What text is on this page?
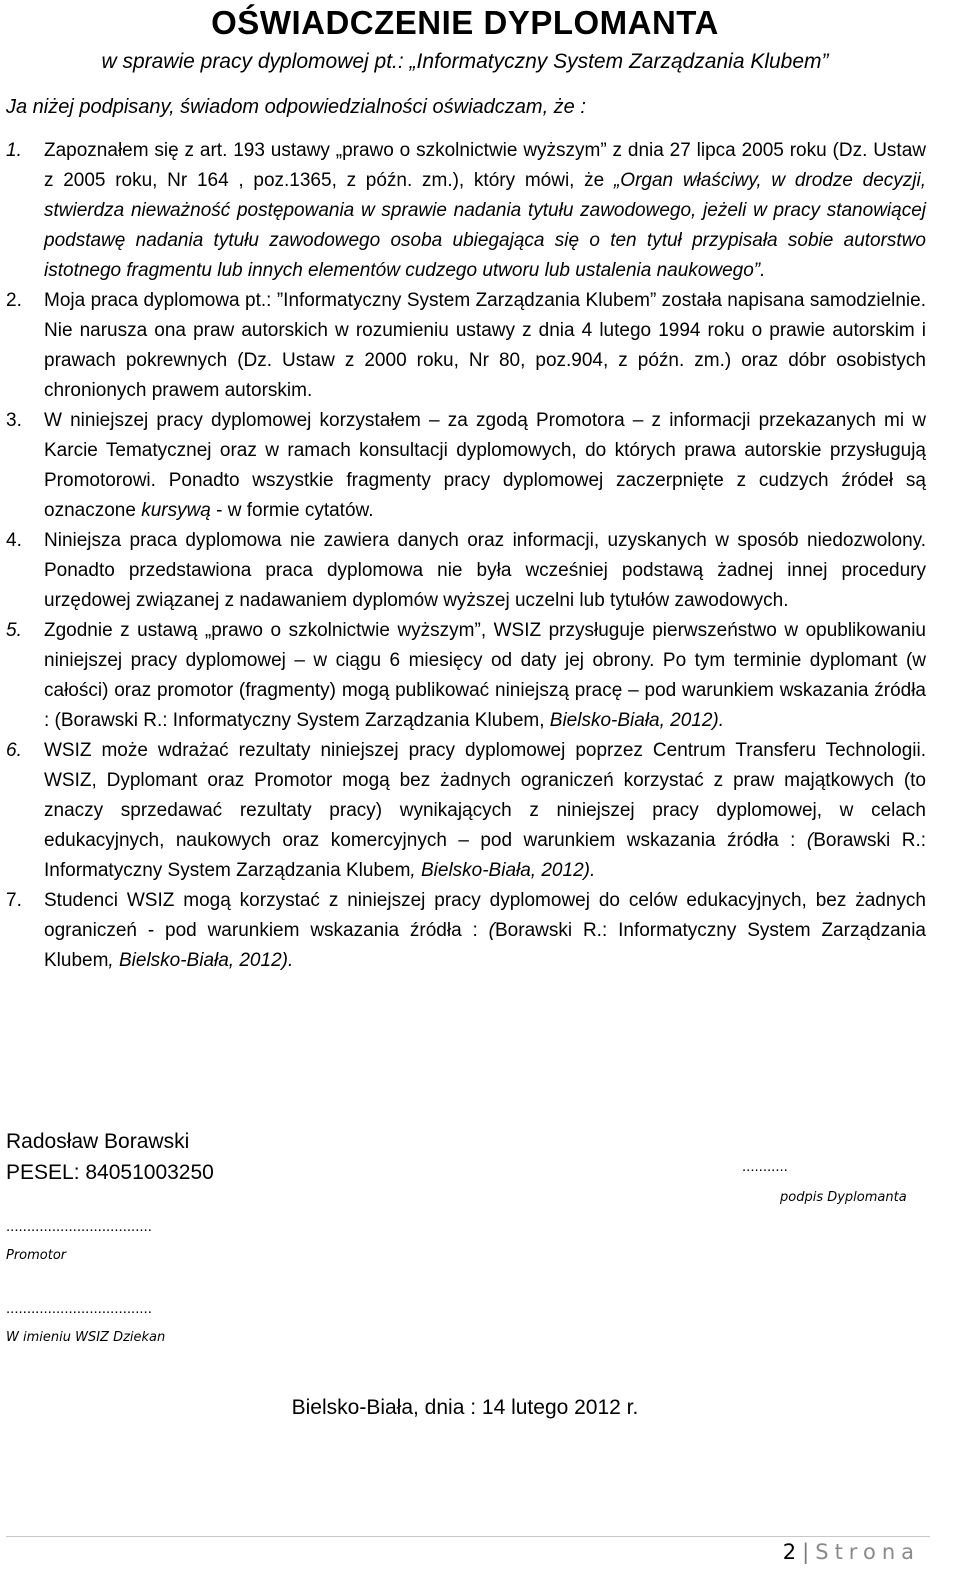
OŚWIADCZENIE DYPLOMANTA
w sprawie pracy dyplomowej pt.: „Informatyczny System Zarządzania Klubem”
Ja niżej podpisany, świadom odpowiedzialności oświadczam, że :
1. Zapoznałem się z art. 193 ustawy „prawo o szkolnictwie wyższym” z dnia 27 lipca 2005 roku (Dz. Ustaw z 2005 roku, Nr 164 , poz.1365, z późn. zm.), który mówi, że „Organ właściwy, w drodze decyzji, stwierdza nieważność postępowania w sprawie nadania tytułu zawodowego, jeżeli w pracy stanowiącej podstawę nadania tytułu zawodowego osoba ubiegająca się o ten tytuł przypisała sobie autorstwo istotnego fragmentu lub innych elementów cudzego utworu lub ustalenia naukowego”.
2. Moja praca dyplomowa pt.: ”Informatyczny System Zarządzania Klubem” została napisana samodzielnie. Nie narusza ona praw autorskich w rozumieniu ustawy z dnia 4 lutego 1994 roku o prawie autorskim i prawach pokrewnych (Dz. Ustaw z 2000 roku, Nr 80, poz.904, z późn. zm.) oraz dóbr osobistych chronionych prawem autorskim.
3. W niniejszej pracy dyplomowej korzystałem – za zgodą Promotora – z informacji przekazanych mi w Karcie Tematycznej oraz w ramach konsultacji dyplomowych, do których prawa autorskie przysługują Promotorowi. Ponadto wszystkie fragmenty pracy dyplomowej zaczerpnięte z cudzych źródeł są oznaczone kursywą - w formie cytatów.
4. Niniejsza praca dyplomowa nie zawiera danych oraz informacji, uzyskanych w sposób niedozwolony. Ponadto przedstawiona praca dyplomowa nie była wcześniej podstawą żadnej innej procedury urzędowej związanej z nadawaniem dyplomów wyższej uczelni lub tytułów zawodowych.
5. Zgodnie z ustawą „prawo o szkolnictwie wyższym”, WSIZ przysługuje pierwszeństwo w opublikowaniu niniejszej pracy dyplomowej – w ciągu 6 miesięcy od daty jej obrony. Po tym terminie dyplomant (w całości) oraz promotor (fragmenty) mogą publikować niniejszą pracę – pod warunkiem wskazania źródła : (Borawski R.: Informatyczny System Zarządzania Klubem, Bielsko-Biała, 2012).
6. WSIZ może wdrażać rezultaty niniejszej pracy dyplomowej poprzez Centrum Transferu Technologii. WSIZ, Dyplomant oraz Promotor mogą bez żadnych ograniczeń korzystać z praw majątkowych (to znaczy sprzedawać rezultaty pracy) wynikających z niniejszej pracy dyplomowej, w celach edukacyjnych, naukowych oraz komercyjnych – pod warunkiem wskazania źródła : (Borawski R.: Informatyczny System Zarządzania Klubem, Bielsko-Biała, 2012).
7. Studenci WSIZ mogą korzystać z niniejszej pracy dyplomowej do celów edukacyjnych, bez żadnych ograniczeń - pod warunkiem wskazania źródła : (Borawski R.: Informatyczny System Zarządzania Klubem, Bielsko-Biała, 2012).
Radosław Borawski
PESEL: 84051003250	...........
podpis Dyplomanta
...................................
Promotor
...................................
W imieniu WSIZ Dziekan
Bielsko-Biała, dnia : 14 lutego 2012 r.
2 | Strona
